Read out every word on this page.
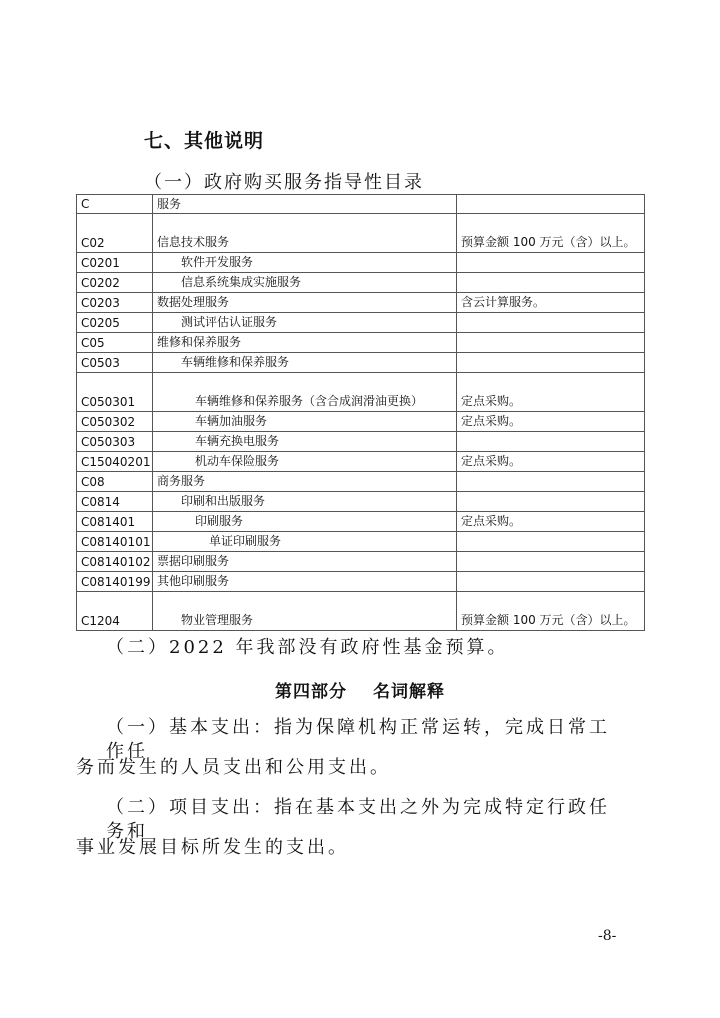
七、其他说明
（一）政府购买服务指导性目录
C	服务	
C02	信息技术服务	预算金额 100 万元（含）以上。
C0201	软件开发服务	
C0202	信息系统集成实施服务	
C0203	数据处理服务	含云计算服务。
C0205	测试评估认证服务	
C05	维修和保养服务	
C0503	车辆维修和保养服务	
C050301	车辆维修和保养服务（含合成润滑油更换）	定点采购。
C050302	车辆加油服务	定点采购。
C050303	车辆充换电服务	
C15040201	机动车保险服务	定点采购。
C08	商务服务	
C0814	印刷和出版服务	
C081401	印刷服务	定点采购。
C08140101	单证印刷服务	
C08140102	票据印刷服务	
C08140199	其他印刷服务	
C1204	物业管理服务	预算金额 100 万元（含）以上。
（二）2022 年我部没有政府性基金预算。
第四部分 名词解释
（一）基本支出：指为保障机构正常运转，完成日常工作任
务而发生的人员支出和公用支出。
（二）项目支出：指在基本支出之外为完成特定行政任务和
事业发展目标所发生的支出。
-8-
